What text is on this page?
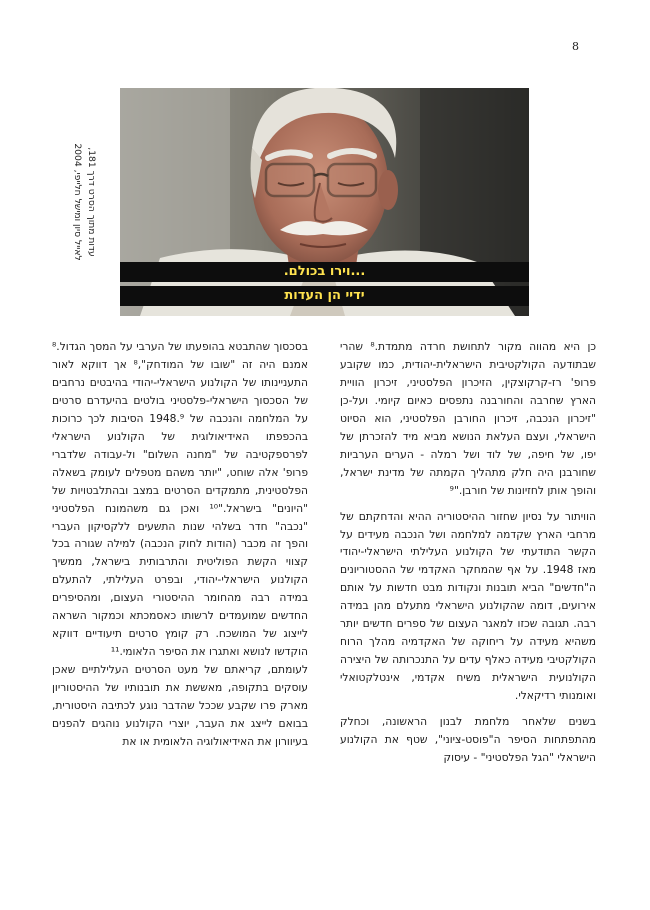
8
עדות מתוך הסרט דרך 181,
לאייל סיון ומישל חלייפי, 2004
...וירו בכולם.
ידיי הן העדות

כן היא מהווה מקור לתחושת חרדה מתמדת.⁸ שהרי שבתודעה הקולקטיבית הישראלית-יהודית, כמו שקובע פרופ' רז-קרקוצקין, הזיכרון הפלסטיני, זיכרון הוויית הארץ שחרבה והחורבנה נתפסים כאיום קיומי. ועל-כן "זיכרון הנכבה, זיכרון החורבן הפלסטיני, הוא הסיוט הישראלי, ועצם העלאת הנושא מביא מיד להזכרתן של יפו, של חיפה, של לוד ושל רמלה - הערים הערביות שחורבנן היה חלק מתהליך הקמתה של מדינת ישראל, והופך אותן לחזיונות של חורבן."⁹

הוויתור על נסיון שחזור ההיסטוריה ההיא והדחקתם של מרחבי הארץ שקדמה למלחמה ושל הנכבה מעידים על הקשר התודעתי של הקולנוע העלילתי הישראלי-יהודי מאז 1948. על אף שהמחקר האקדמי של ההסטוריונים ה"חדשים" הביא תובנות ונקודות מבט חדשות על אותם אירועים, דומה שהקולנוע הישראלי מתעלם מהן במידה רבה. תגובה שכזו למאגר העצום של ספרים חדשים יותר משהיא מעידה על ריחוקה של האקדמיה מהלך הרוח הקולקטיבי מעידה כאלף עדים על התנכרותה של היצירה הקולנועית הישראלית משיח אקדמי, אינטלקטואלי ואומנותי רדיקאלי.

בשנים שלאחר מלחמת לבנון הראשונה, וכחלק מהתפתחות הסיפר ה"פוסט-ציוני", שטף את הקולנוע הישראלי "הגל הפלסטיני" - עיסוק

בסכסוך שהתבטא בהופעתו של הערבי על המסך הגדול.⁸ אמנם היה זה "שובו של המודחק",⁸ אך דווקא לאור התעניינותו של הקולנוע הישראלי-יהודי בהיבטים נרחבים של הסכסוך הישראלי-פלסטיני בולטים בהיעדרם סרטים על המלחמה והנכבה של 1948.⁹ הסיבות לכך כרוכות בהכפפתו האידיאולוגית של הקולנוע הישראלי לפרספקטיבה של "מחנה השלום" ול-עבודה שלדברי פרופ' אלה שוחט, "יותר משהם מטפלים לעומק בשאלה הפלסטינית, מתמקדים הסרטים במצב ובהתלבטויות של "היונים" בישראל."¹⁰ ואכן גם משהמונח הפלסטיני "נכבה" חדר בשלהי שנות התשעים ללקסיקון העברי והפך זה מכבר (הודות לחוק הנכבה) למילה שגורה בכל קצווי הקשת הפוליטית והתרבותית בישראל, ממשיך הקולנוע הישראלי-יהודי, ובפרט העלילתי, להתעלם במידה רבה מהחומר ההיסטורי העצום, ומהסיפרים החדשים שמועמדים לרשותו כאסמכתא וכמקור השראה לייצוג של המושכח. רק קומץ סרטים תיעודיים דווקא הוקדשו לנושא ואתגרו את הסיפר הלאומי.¹¹

לעומתם, קריאתם של מעט הסרטים העלילתיים שאכן עוסקים בתקופה, מאששת את תובנותיו של ההיסטוריון מארק פרו שקבע שככל שהדבר נוגע לכתיבה היסטורית, בבואם לייצג את העבר, יוצרי הקולנוע נוהגים להפנים בעיוורון את האידיאולוגיה הלאומית או את
